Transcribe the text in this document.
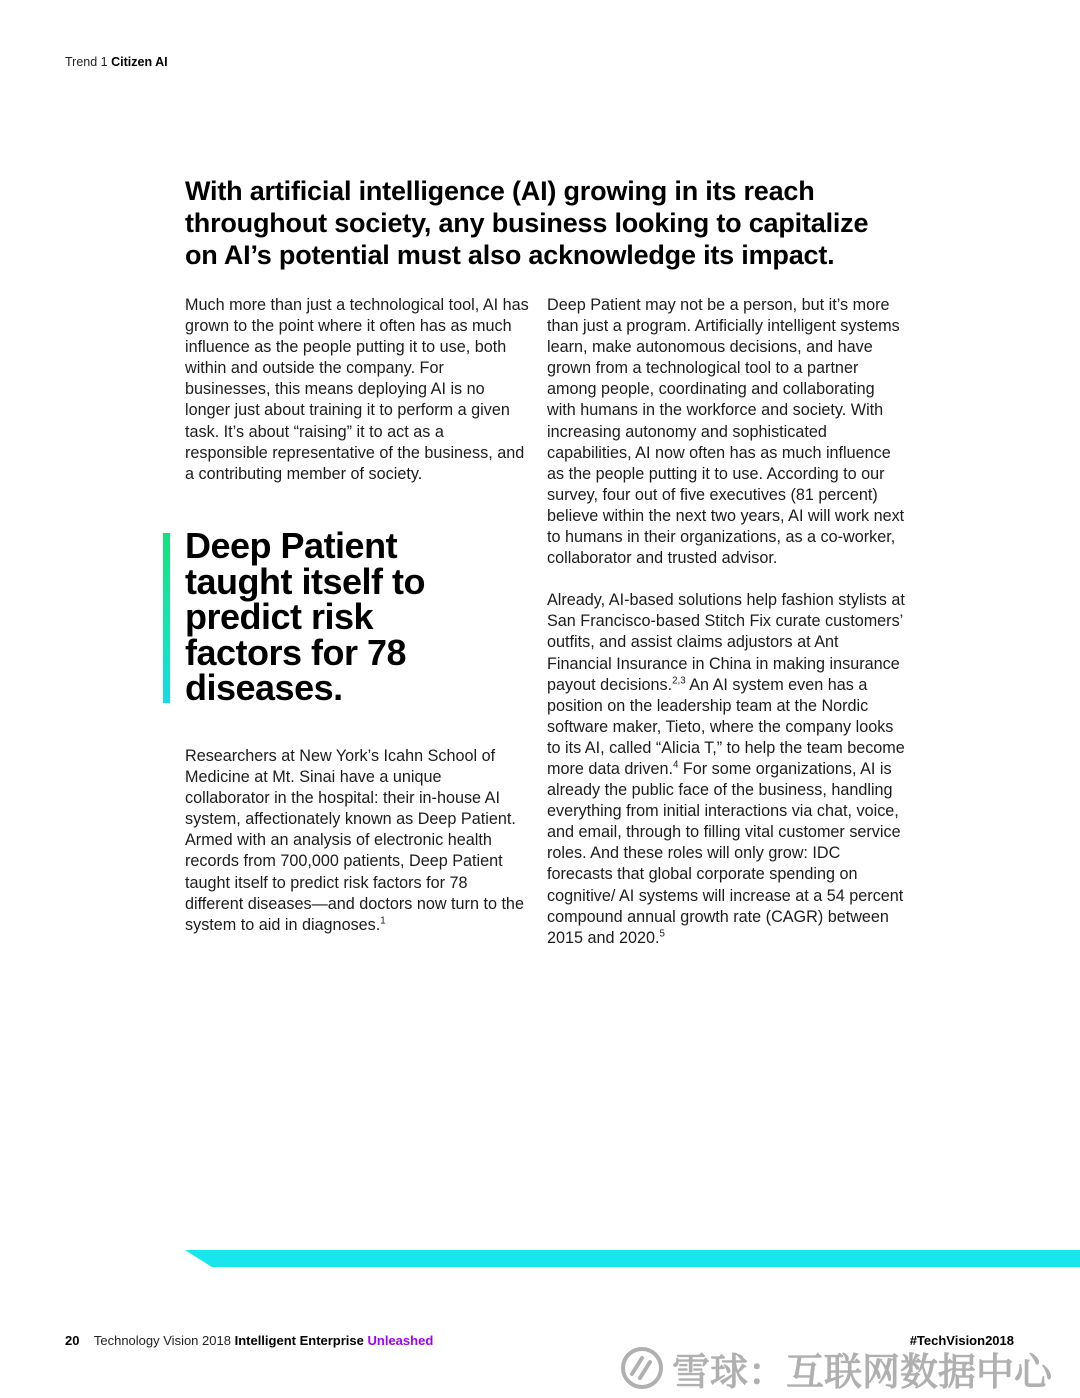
Trend 1 Citizen AI
With artificial intelligence (AI) growing in its reach throughout society, any business looking to capitalize on AI’s potential must also acknowledge its impact.

Much more than just a technological tool, AI has grown to the point where it often has as much influence as the people putting it to use, both within and outside the company. For businesses, this means deploying AI is no longer just about training it to perform a given task. It’s about “raising” it to act as a responsible representative of the business, and a contributing member of society.

Deep Patient taught itself to predict risk factors for 78 diseases.

Researchers at New York’s Icahn School of Medicine at Mt. Sinai have a unique collaborator in the hospital: their in-house AI system, affectionately known as Deep Patient. Armed with an analysis of electronic health records from 700,000 patients, Deep Patient taught itself to predict risk factors for 78 different diseases—and doctors now turn to the system to aid in diagnoses.$^1$

Deep Patient may not be a person, but it’s more than just a program. Artificially intelligent systems learn, make autonomous decisions, and have grown from a technological tool to a partner among people, coordinating and collaborating with humans in the workforce and society. With increasing autonomy and sophisticated capabilities, AI now often has as much influence as the people putting it to use. According to our survey, four out of five executives (81 percent) believe within the next two years, AI will work next to humans in their organizations, as a co-worker, collaborator and trusted advisor.

Already, AI-based solutions help fashion stylists at San Francisco-based Stitch Fix curate customers’ outfits, and assist claims adjustors at Ant Financial Insurance in China in making insurance payout decisions.$^{2,3}$ An AI system even has a position on the leadership team at the Nordic software maker, Tieto, where the company looks to its AI, called “Alicia T,” to help the team become more data driven.$^4$ For some organizations, AI is already the public face of the business, handling everything from initial interactions via chat, voice, and email, through to filling vital customer service roles. And these roles will only grow: IDC forecasts that global corporate spending on cognitive/ AI systems will increase at a 54 percent compound annual growth rate (CAGR) between 2015 and 2020.$^5$

20 Technology Vision 2018 Intelligent Enterprise Unleashed	#TechVision2018
雪球：互联网数据中心
